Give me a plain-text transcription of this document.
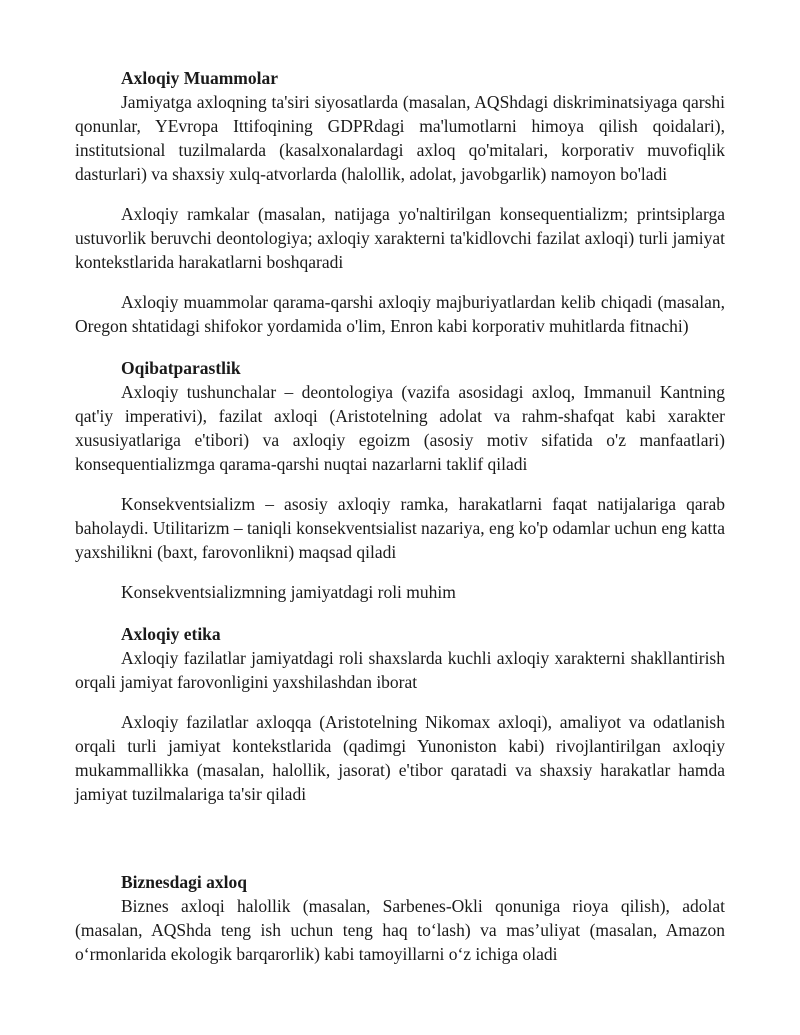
Axloqiy Muammolar

Jamiyatga axloqning ta'siri siyosatlarda (masalan, AQShdagi diskriminatsiyaga qarshi qonunlar, YEvropa Ittifoqining GDPRdagi ma'lumotlarni himoya qilish qoidalari), institutsional tuzilmalarda (kasalxonalardagi axloq qo'mitalari, korporativ muvofiqlik dasturlari) va shaxsiy xulq-atvorlarda (halollik, adolat, javobgarlik) namoyon bo'ladi

Axloqiy ramkalar (masalan, natijaga yo'naltirilgan konsequentializm; printsiplarga ustuvorlik beruvchi deontologiya; axloqiy xarakterni ta'kidlovchi fazilat axloqi) turli jamiyat kontekstlarida harakatlarni boshqaradi

Axloqiy muammolar qarama-qarshi axloqiy majburiyatlardan kelib chiqadi (masalan, Oregon shtatidagi shifokor yordamida o'lim, Enron kabi korporativ muhitlarda fitnachi)

Oqibatparastlik

Axloqiy tushunchalar – deontologiya (vazifa asosidagi axloq, Immanuil Kantning qat'iy imperativi), fazilat axloqi (Aristotelning adolat va rahm-shafqat kabi xarakter xususiyatlariga e'tibori) va axloqiy egoizm (asosiy motiv sifatida o'z manfaatlari) konsequentializmga qarama-qarshi nuqtai nazarlarni taklif qiladi

Konsekventsializm – asosiy axloqiy ramka, harakatlarni faqat natijalariga qarab baholaydi. Utilitarizm – taniqli konsekventsialist nazariya, eng ko'p odamlar uchun eng katta yaxshilikni (baxt, farovonlikni) maqsad qiladi

Konsekventsializmning jamiyatdagi roli muhim

Axloqiy etika

Axloqiy fazilatlar jamiyatdagi roli shaxslarda kuchli axloqiy xarakterni shakllantirish orqali jamiyat farovonligini yaxshilashdan iborat

Axloqiy fazilatlar axloqqa (Aristotelning Nikomax axloqi), amaliyot va odatlanish orqali turli jamiyat kontekstlarida (qadimgi Yunoniston kabi) rivojlantirilgan axloqiy mukammallikka (masalan, halollik, jasorat) e'tibor qaratadi va shaxsiy harakatlar hamda jamiyat tuzilmalariga ta'sir qiladi

Biznesdagi axloq

Biznes axloqi halollik (masalan, Sarbenes-Okli qonuniga rioya qilish), adolat (masalan, AQShda teng ish uchun teng haq to‘lash) va mas’uliyat (masalan, Amazon o‘rmonlarida ekologik barqarorlik) kabi tamoyillarni o‘z ichiga oladi
